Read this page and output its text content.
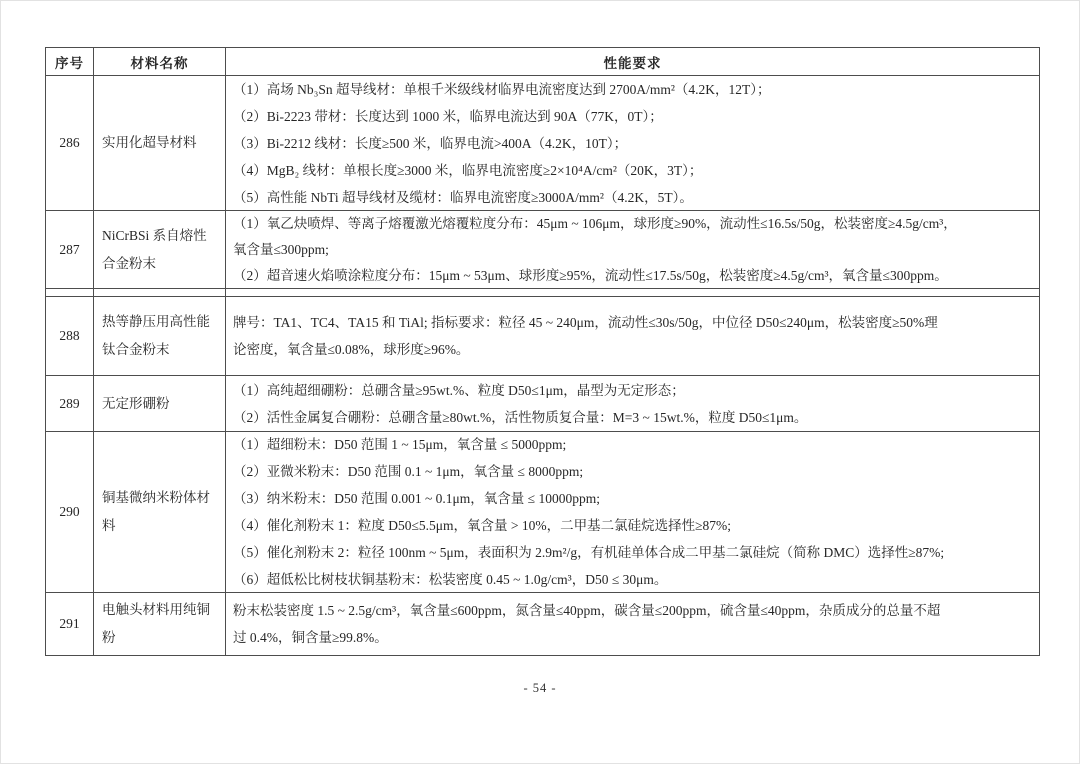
序号	材料名称	性能要求
286 实用化超导材料
（1）高场 Nb₃Sn 超导线材：单根千米级线材临界电流密度达到 2700A/mm²（4.2K，12T）；
（2）Bi-2223 带材：长度达到 1000 米，临界电流达到 90A（77K，0T）；
（3）Bi-2212 线材：长度≥500 米，临界电流>400A（4.2K，10T）；
（4）MgB₂ 线材：单根长度≥3000 米，临界电流密度≥2×10⁴A/cm²（20K，3T）；
（5）高性能 NbTi 超导线材及缆材：临界电流密度≥3000A/mm²（4.2K，5T）。
287
NiCrBSi 系自熔性
合金粉末
（1）氧乙炔喷焊、等离子熔覆激光熔覆粒度分布：45μm ~ 106μm，球形度≥90%，流动性≤16.5s/50g，松装密度≥4.5g/cm³，
氧含量≤300ppm;
（2）超音速火焰喷涂粒度分布：15μm ~ 53μm、球形度≥95%，流动性≤17.5s/50g，松装密度≥4.5g/cm³，氧含量≤300ppm。
288
热等静压用高性能
钛合金粉末
牌号：TA1、TC4、TA15 和 TiAl; 指标要求：粒径 45 ~ 240μm，流动性≤30s/50g，中位径 D50≤240μm，松装密度≥50%理
论密度，氧含量≤0.08%，球形度≥96%。
289 无定形硼粉
（1）高纯超细硼粉：总硼含量≥95wt.%、粒度 D50≤1μm，晶型为无定形态；
（2）活性金属复合硼粉：总硼含量≥80wt.%，活性物质复合量：M=3 ~ 15wt.%，粒度 D50≤1μm。
290
铜基微纳米粉体材
料
（1）超细粉末：D50 范围 1 ~ 15μm，氧含量 ≤ 5000ppm;
（2）亚微米粉末：D50 范围 0.1 ~ 1μm，氧含量 ≤ 8000ppm;
（3）纳米粉末：D50 范围 0.001 ~ 0.1μm，氧含量 ≤ 10000ppm;
（4）催化剂粉末 1：粒度 D50≤5.5μm，氧含量 > 10%，二甲基二氯硅烷选择性≥87%;
（5）催化剂粉末 2：粒径 100nm ~ 5μm，表面积为 2.9m²/g，有机硅单体合成二甲基二氯硅烷（简称 DMC）选择性≥87%;
（6）超低松比树枝状铜基粉末：松装密度 0.45 ~ 1.0g/cm³，D50 ≤ 30μm。
291
电触头材料用纯铜
粉
粉末松装密度 1.5 ~ 2.5g/cm³，氧含量≤600ppm，氮含量≤40ppm，碳含量≤200ppm，硫含量≤40ppm，杂质成分的总量不超
过 0.4%，铜含量≥99.8%。
- 54 -
